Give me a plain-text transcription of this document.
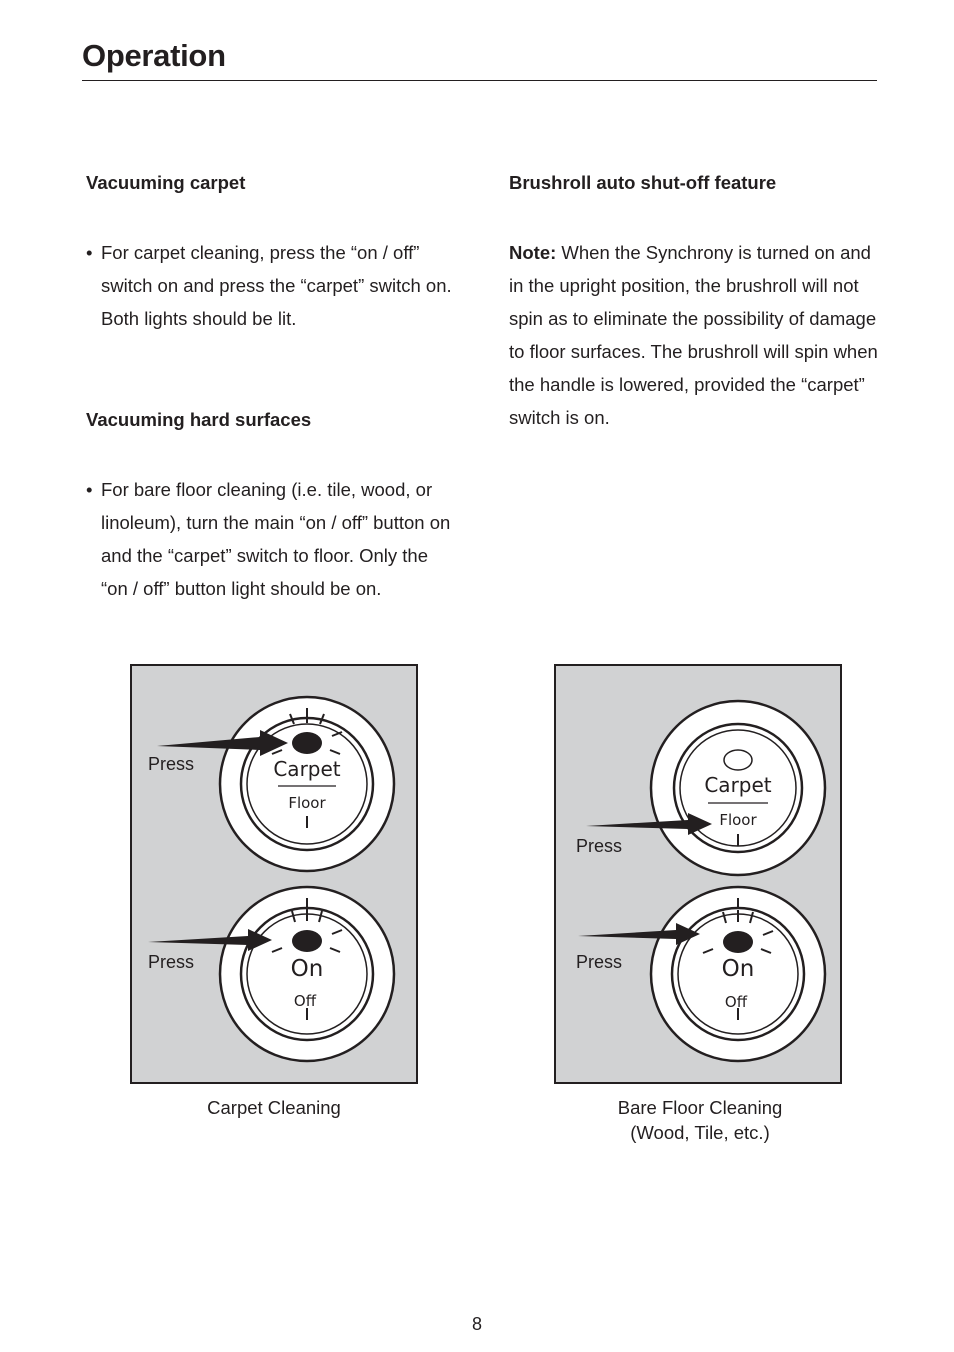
Operation

Vacuuming carpet

• For carpet cleaning, press the “on / off” switch on and press the “carpet” switch on. Both lights should be lit.

Vacuuming hard surfaces

• For bare floor cleaning (i.e. tile, wood, or linoleum), turn the main “on / off” button on and the “carpet” switch to floor. Only the “on / off” button light should be on.

Brushroll auto shut-off feature

Note: When the Synchrony is turned on and in the upright position, the brushroll will not spin as to eliminate the possibility of damage to floor surfaces. The brushroll will spin when the handle is lowered, provided the “carpet” switch is on.

Carpet
Floor
On
Off
Press
Press
Carpet
Floor
On
Off
Press
Press
Carpet Cleaning	Bare Floor Cleaning
(Wood, Tile, etc.)
8
